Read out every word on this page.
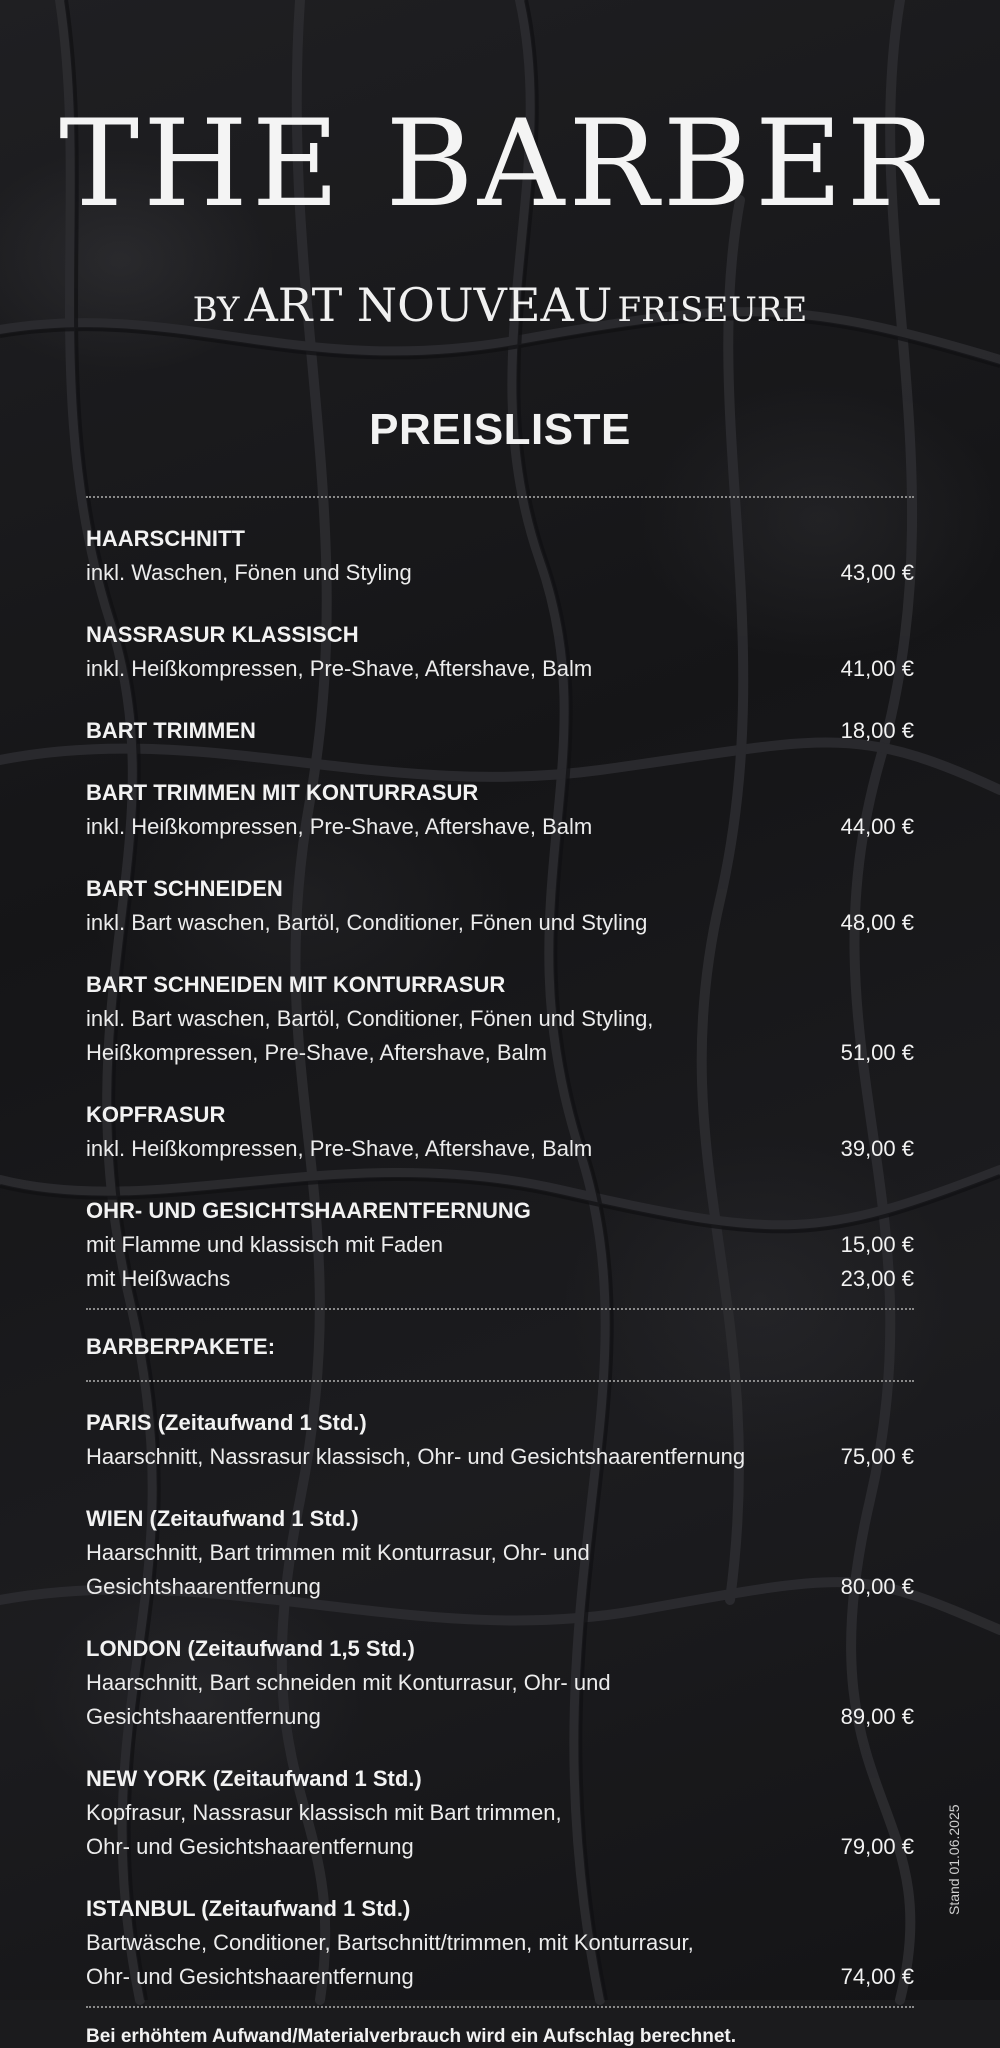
THE BARBER
BY ART NOUVEAU FRISEURE
PREISLISTE
HAARSCHNITT
inkl. Waschen, Fönen und Styling	43,00 €
NASSRASUR KLASSISCH
inkl. Heißkompressen, Pre-Shave, Aftershave, Balm	41,00 €
BART TRIMMEN	18,00 €
BART TRIMMEN MIT KONTURRASUR
inkl. Heißkompressen, Pre-Shave, Aftershave, Balm	44,00 €
BART SCHNEIDEN
inkl. Bart waschen, Bartöl, Conditioner, Fönen und Styling	48,00 €
BART SCHNEIDEN MIT KONTURRASUR
inkl. Bart waschen, Bartöl, Conditioner, Fönen und Styling,
Heißkompressen, Pre-Shave, Aftershave, Balm	51,00 €
KOPFRASUR
inkl. Heißkompressen, Pre-Shave, Aftershave, Balm	39,00 €
OHR- UND GESICHTSHAARENTFERNUNG
mit Flamme und klassisch mit Faden	15,00 €
mit Heißwachs	23,00 €
BARBERPAKETE:
PARIS (Zeitaufwand 1 Std.)
Haarschnitt, Nassrasur klassisch, Ohr- und Gesichtshaarentfernung	75,00 €
WIEN (Zeitaufwand 1 Std.)
Haarschnitt, Bart trimmen mit Konturrasur, Ohr- und Gesichtshaarentfernung	80,00 €
LONDON (Zeitaufwand 1,5 Std.)
Haarschnitt, Bart schneiden mit Konturrasur, Ohr- und Gesichtshaarentfernung	89,00 €
NEW YORK (Zeitaufwand 1 Std.)
Kopfrasur, Nassrasur klassisch mit Bart trimmen,
Ohr- und Gesichtshaarentfernung	79,00 €
ISTANBUL (Zeitaufwand 1 Std.)
Bartwäsche, Conditioner, Bartschnitt/trimmen, mit Konturrasur,
Ohr- und Gesichtshaarentfernung	74,00 €
Bei erhöhtem Aufwand/Materialverbrauch wird ein Aufschlag berechnet.
Stand 01.06.2025
